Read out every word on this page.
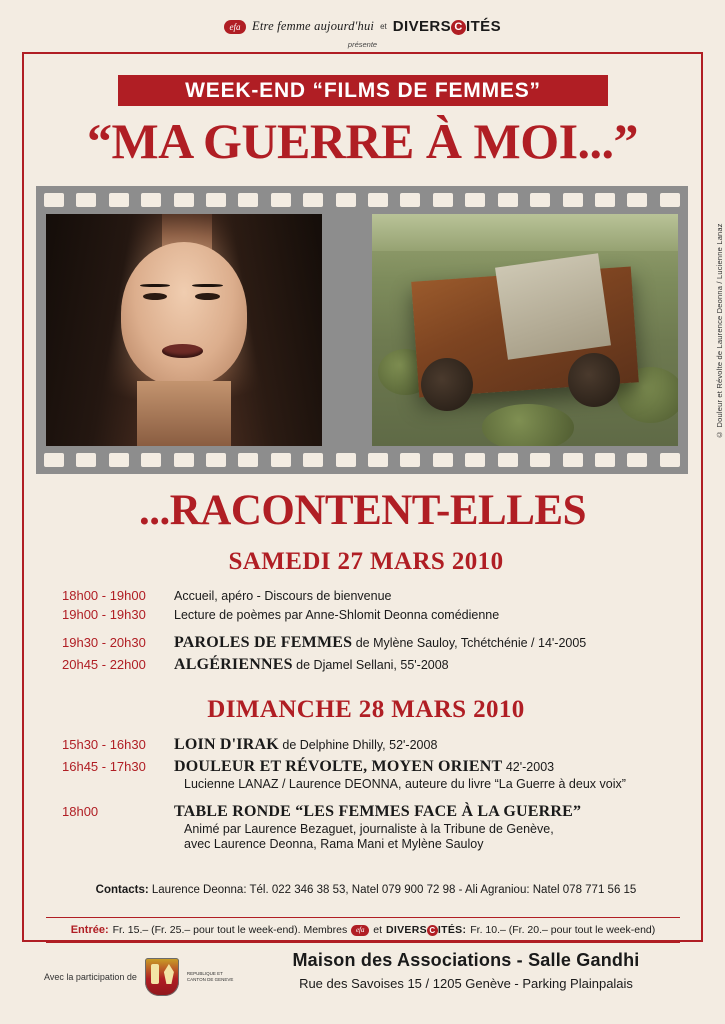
efa Etre femme aujourd'hui et DIVERS C ITÉS
présente
WEEK-END “FILMS DE FEMMES”
“MA GUERRE À MOI...”
© Douleur et Révolte de Laurence Deonna / Lucienne Lanaz
...RACONTENT-ELLES
SAMEDI 27 MARS 2010
18h00 - 19h00	Accueil, apéro - Discours de bienvenue
19h00 - 19h30	Lecture de poèmes par Anne-Shlomit Deonna comédienne
19h30 - 20h30	PAROLES DE FEMMES de Mylène Sauloy, Tchétchénie / 14'-2005
20h45 - 22h00	ALGÉRIENNES de Djamel Sellani, 55'-2008
DIMANCHE 28 MARS 2010
15h30 - 16h30	LOIN D'IRAK de Delphine Dhilly, 52'-2008
16h45 - 17h30	DOULEUR ET RÉVOLTE, MOYEN ORIENT 42'-2003
Lucienne LANAZ / Laurence DEONNA, auteure du livre “La Guerre à deux voix”
18h00	TABLE RONDE “LES FEMMES FACE À LA GUERRE”
Animé par Laurence Bezaguet, journaliste à la Tribune de Genève,
avec Laurence Deonna, Rama Mani et Mylène Sauloy
Contacts: Laurence Deonna: Tél. 022 346 38 53, Natel 079 900 72 98 - Ali Agraniou: Natel 078 771 56 15
Entrée: Fr. 15.– (Fr. 25.– pour tout le week-end). Membres	efa et DIVERS C ITÉS: Fr. 10.– (Fr. 20.– pour tout le week-end)
Avec la participation de	REPUBLIQUE ET CANTON DE GENEVE
Maison des Associations - Salle Gandhi
Rue des Savoises 15 / 1205 Genève - Parking Plainpalais
